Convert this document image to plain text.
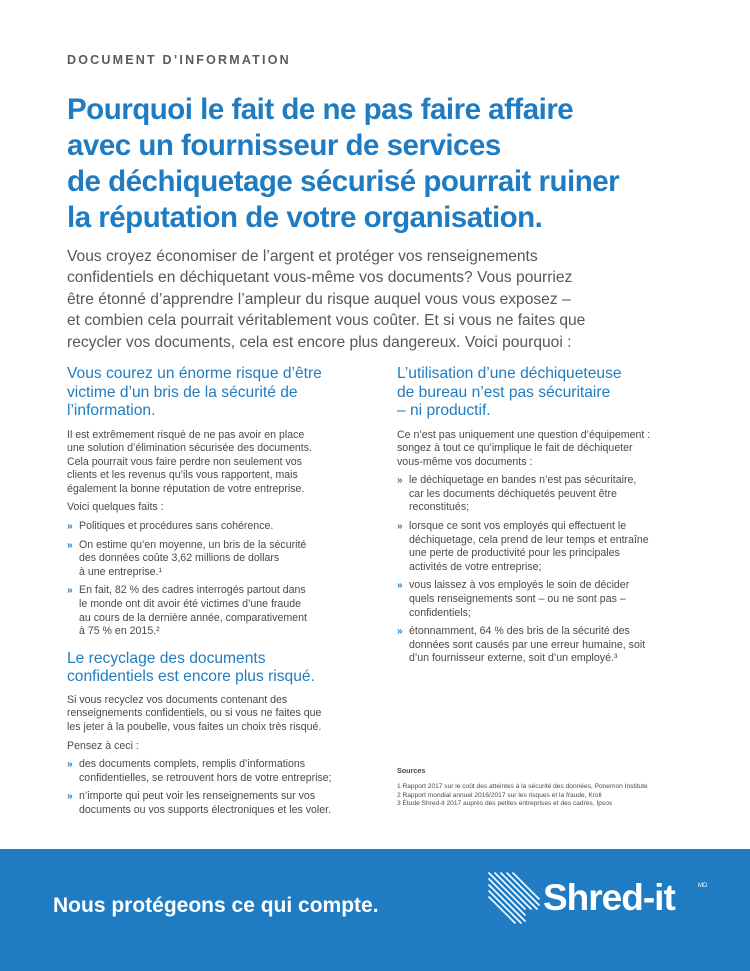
DOCUMENT D’INFORMATION
Pourquoi le fait de ne pas faire affaire
avec un fournisseur de services
de déchiquetage sécurisé pourrait ruiner
la réputation de votre organisation.

Vous croyez économiser de l’argent et protéger vos renseignements
confidentiels en déchiquetant vous-même vos documents? Vous pourriez
être étonné d’apprendre l’ampleur du risque auquel vous vous exposez –
et combien cela pourrait véritablement vous coûter. Et si vous ne faites que
recycler vos documents, cela est encore plus dangereux. Voici pourquoi :

Vous courez un énorme risque d’être
victime d’un bris de la sécurité de
l’information.

Il est extrêmement risqué de ne pas avoir en place
une solution d’élimination sécurisée des documents.
Cela pourrait vous faire perdre non seulement vos
clients et les revenus qu’ils vous rapportent, mais
également la bonne réputation de votre entreprise.

Voici quelques faits :

» Politiques et procédures sans cohérence.
» On estime qu’en moyenne, un bris de la sécurité
des données coûte 3,62 millions de dollars
à une entreprise.¹
» En fait, 82 % des cadres interrogés partout dans
le monde ont dit avoir été victimes d’une fraude
au cours de la dernière année, comparativement
à 75 % en 2015.²
Le recyclage des documents
confidentiels est encore plus risqué.

Si vous recyclez vos documents contenant des
renseignements confidentiels, ou si vous ne faites que
les jeter à la poubelle, vous faites un choix très risqué.

Pensez à ceci :

» des documents complets, remplis d’informations
confidentielles, se retrouvent hors de votre entreprise;
» n’importe qui peut voir les renseignements sur vos
documents ou vos supports électroniques et les voler.
L’utilisation d’une déchiqueteuse
de bureau n’est pas sécuritaire
– ni productif.

Ce n’est pas uniquement une question d’équipement :
songez à tout ce qu’implique le fait de déchiqueter
vous-même vos documents :

» le déchiquetage en bandes n’est pas sécuritaire,
car les documents déchiquetés peuvent être
reconstitués;
» lorsque ce sont vos employés qui effectuent le
déchiquetage, cela prend de leur temps et entraîne
une perte de productivité pour les principales
activités de votre entreprise;
» vous laissez à vos employés le soin de décider
quels renseignements sont – ou ne sont pas –
confidentiels;
» étonnamment, 64 % des bris de la sécurité des
données sont causés par une erreur humaine, soit
d’un fournisseur externe, soit d’un employé.³
Sources
1 Rapport 2017 sur le coût des atteintes à la sécurité des données, Ponemon Institute
2 Rapport mondial annuel 2016/2017 sur les risques et la fraude, Kroll
3 Étude Shred-it 2017 auprès des petites entreprises et des cadres, Ipsos
Nous protégeons ce qui compte.	Shred-it	MD
